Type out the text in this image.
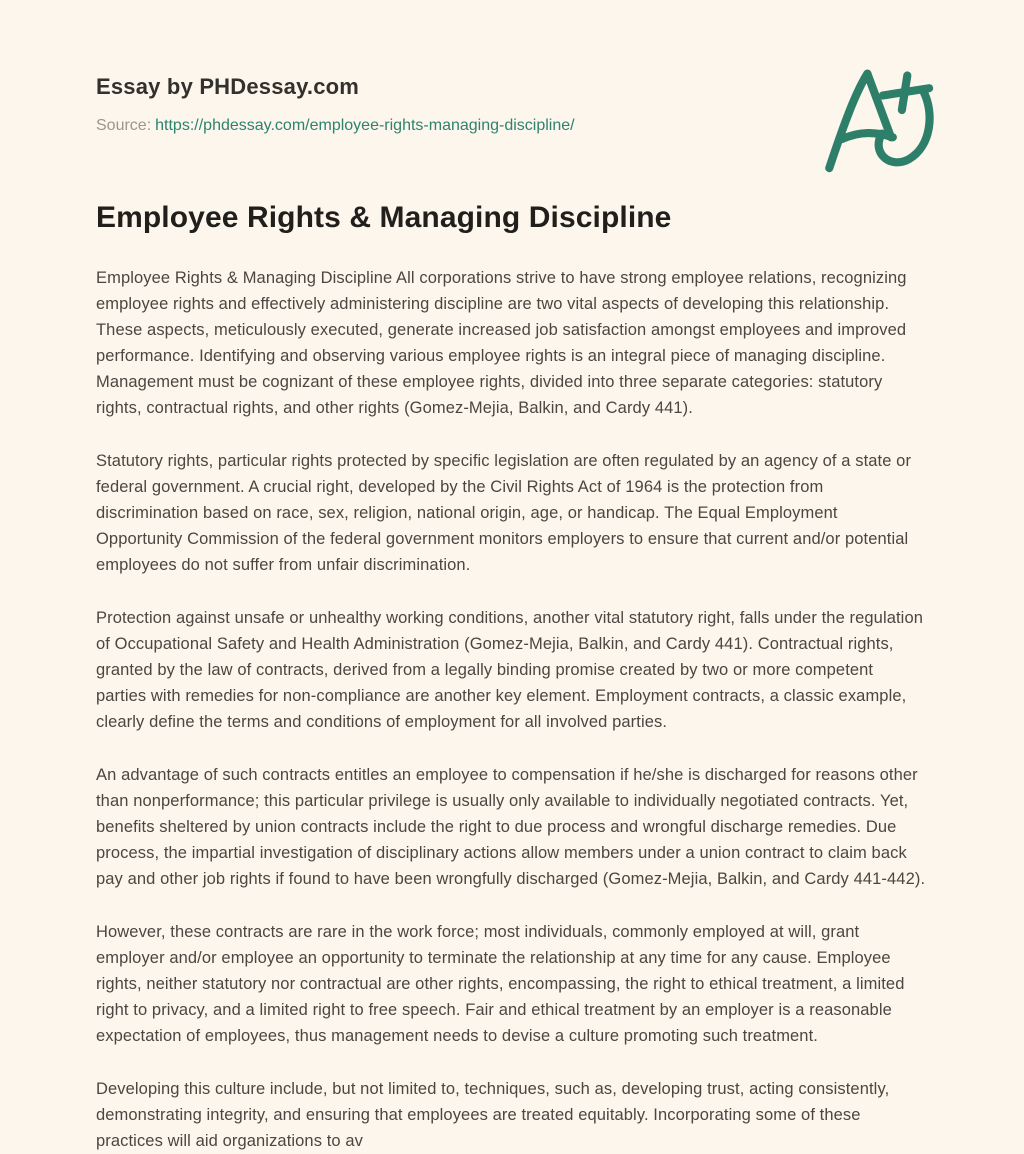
Essay by PHDessay.com
Source: https://phdessay.com/employee-rights-managing-discipline/
Employee Rights & Managing Discipline

Employee Rights & Managing Discipline All corporations strive to have strong employee relations, recognizing employee rights and effectively administering discipline are two vital aspects of developing this relationship. These aspects, meticulously executed, generate increased job satisfaction amongst employees and improved performance. Identifying and observing various employee rights is an integral piece of managing discipline. Management must be cognizant of these employee rights, divided into three separate categories: statutory rights, contractual rights, and other rights (Gomez-Mejia, Balkin, and Cardy 441).

Statutory rights, particular rights protected by specific legislation are often regulated by an agency of a state or federal government. A crucial right, developed by the Civil Rights Act of 1964 is the protection from discrimination based on race, sex, religion, national origin, age, or handicap. The Equal Employment Opportunity Commission of the federal government monitors employers to ensure that current and/or potential employees do not suffer from unfair discrimination.

Protection against unsafe or unhealthy working conditions, another vital statutory right, falls under the regulation of Occupational Safety and Health Administration (Gomez-Mejia, Balkin, and Cardy 441). Contractual rights, granted by the law of contracts, derived from a legally binding promise created by two or more competent parties with remedies for non-compliance are another key element. Employment contracts, a classic example, clearly define the terms and conditions of employment for all involved parties.

An advantage of such contracts entitles an employee to compensation if he/she is discharged for reasons other than nonperformance; this particular privilege is usually only available to individually negotiated contracts. Yet, benefits sheltered by union contracts include the right to due process and wrongful discharge remedies. Due process, the impartial investigation of disciplinary actions allow members under a union contract to claim back pay and other job rights if found to have been wrongfully discharged (Gomez-Mejia, Balkin, and Cardy 441-442).

However, these contracts are rare in the work force; most individuals, commonly employed at will, grant employer and/or employee an opportunity to terminate the relationship at any time for any cause. Employee rights, neither statutory nor contractual are other rights, encompassing, the right to ethical treatment, a limited right to privacy, and a limited right to free speech. Fair and ethical treatment by an employer is a reasonable expectation of employees, thus management needs to devise a culture promoting such treatment.

Developing this culture include, but not limited to, techniques, such as, developing trust, acting consistently, demonstrating integrity, and ensuring that employees are treated equitably. Incorporating some of these practices will aid organizations to av
